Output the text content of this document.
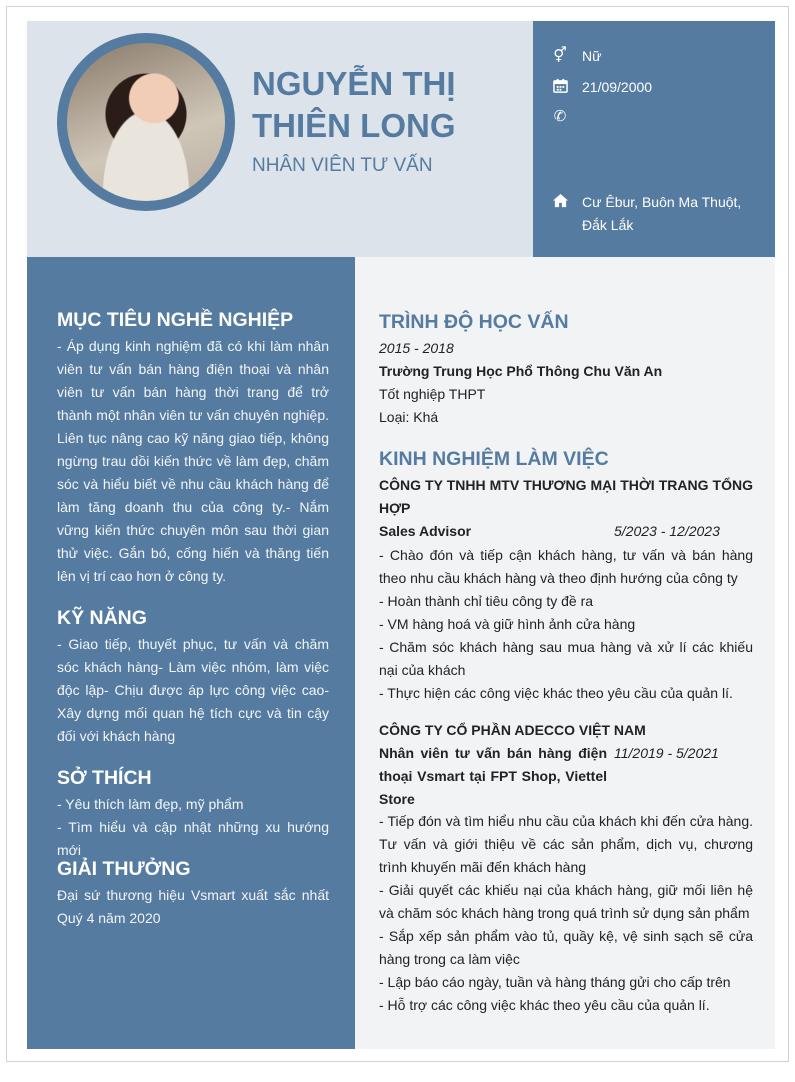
NGUYỄN THỊ
THIÊN LONG
NHÂN VIÊN TƯ VẤN
⚥ Nữ
21/09/2000
✆
Cư Êbur, Buôn Ma Thuột, Đắk Lắk
MỤC TIÊU NGHỀ NGHIỆP
- Áp dụng kinh nghiệm đã có khi làm nhân viên tư vấn bán hàng điện thoại và nhân viên tư vấn bán hàng thời trang để trở thành một nhân viên tư vấn chuyên nghiệp. Liên tục nâng cao kỹ năng giao tiếp, không ngừng trau dồi kiến thức về làm đẹp, chăm sóc và hiểu biết về nhu cầu khách hàng để làm tăng doanh thu của công ty.- Nắm vững kiến thức chuyên môn sau thời gian thử việc. Gắn bó, cống hiến và thăng tiến lên vị trí cao hơn ở công ty.
KỸ NĂNG
- Giao tiếp, thuyết phục, tư vấn và chăm sóc khách hàng- Làm việc nhóm, làm việc độc lập- Chịu được áp lực công việc cao- Xây dựng mối quan hệ tích cực và tin cậy đối với khách hàng
SỞ THÍCH
- Yêu thích làm đẹp, mỹ phẩm
- Tìm hiểu và cập nhật những xu hướng mới
GIẢI THƯỞNG
Đại sứ thương hiệu Vsmart xuất sắc nhất Quý 4 năm 2020
TRÌNH ĐỘ HỌC VẤN
2015 - 2018
Trường Trung Học Phổ Thông Chu Văn An
Tốt nghiệp THPT
Loại: Khá
KINH NGHIỆM LÀM VIỆC
CÔNG TY TNHH MTV THƯƠNG MẠI THỜI TRANG TỔNG HỢP
Sales Advisor	5/2023 - 12/2023
- Chào đón và tiếp cận khách hàng, tư vấn và bán hàng theo nhu cầu khách hàng và theo định hướng của công ty
- Hoàn thành chỉ tiêu công ty đề ra
- VM hàng hoá và giữ hình ảnh cửa hàng
- Chăm sóc khách hàng sau mua hàng và xử lí các khiếu nại của khách
- Thực hiện các công việc khác theo yêu cầu của quản lí.
CÔNG TY CỔ PHẦN ADECCO VIỆT NAM
Nhân viên tư vấn bán hàng điện thoại Vsmart tại FPT Shop, Viettel Store
11/2019 - 5/2021
- Tiếp đón và tìm hiểu nhu cầu của khách khi đến cửa hàng. Tư vấn và giới thiệu về các sản phẩm, dịch vụ, chương trình khuyến mãi đến khách hàng
- Giải quyết các khiếu nại của khách hàng, giữ mối liên hệ và chăm sóc khách hàng trong quá trình sử dụng sản phẩm
- Sắp xếp sản phẩm vào tủ, quầy kệ, vệ sinh sạch sẽ cửa hàng trong ca làm việc
- Lập báo cáo ngày, tuần và hàng tháng gửi cho cấp trên
- Hỗ trợ các công việc khác theo yêu cầu của quản lí.
